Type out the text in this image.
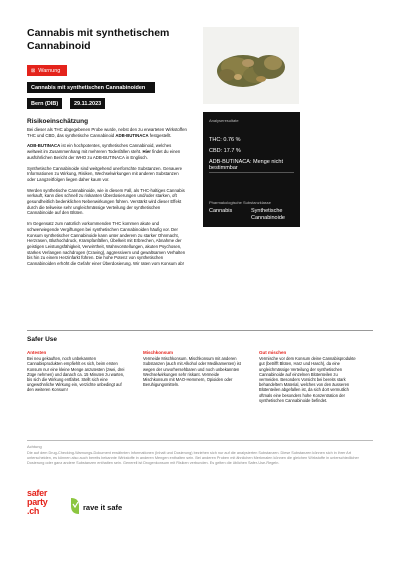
Cannabis mit synthetischem Cannabinoid
⊠ Warnung
Cannabis mit synthetischen Cannabinoiden
Bern (DIB)	29.11.2023
Analyseresultate
THC: 0.76 %
CBD: 17.7 %
ADB-BUTINACA: Menge nicht bestimmbar
Pharmakologische Substanzklasse
Cannabis	Synthetische Cannabinoide
Risikoeinschätzung

Bei dieser als THC abgegebenen Probe wurde, nebst den zu erwarteten Wirkstoffen THC und CBD, das synthetische Cannabinoid ADB-BUTINACA festgestellt.

ADB-BUTINACA ist ein hochpotentes, synthetisches Cannabinoid, welches weltweit im Zusammenhang mit mehreren Todesfällen steht. Hier findet du einen ausführlichen Bericht der WHO zu ADB-BUTINACA in Englisch.

Synthetische Cannabinoide sind weitgehend unerforschte Substanzen. Genauere Informationen zu Wirkung, Risiken, Wechselwirkungen mit anderen Substanzen oder Langzeitfolgen liegen daher kaum vor.

Werden synthetische Cannabinoide, wie in diesem Fall, als THC-haltiges Cannabis verkauft, kann dies schnell zu riskanten Überdosierungen und/oder starken, oft gesundheitlich bedenklichen Nebenwirkungen führen. Verstärkt wird dieser Effekt durch die teilweise sehr ungleichmässige Verteilung der synthetischen Cannabinoide auf den Blüten.

Im Gegensatz zum natürlich vorkommenden THC kommen akute und schwerwiegende Vergiftungen bei synthetischen Cannabinoiden häufig vor. Der Konsum synthetischer Cannabinoide kann unter anderem zu starker Ohnmacht, Herzrasen, Bluthochdruck, Krampfanfällen, Übelkeit mit Erbrechen, Abnahme der geistigen Leistungsfähigkeit, Verwirrtheit, Wahnvorstellungen, akuten Psychosen, starkes Verlangen nachdrogen (Craving), aggressivem und gewaltsamen Verhalten bis hin zu einem Herzinfarkt führen. Die hohe Potenz von synthetischen Cannabinoiden erhöht die Gefahr einer Überdosierung. Wir raten vom Konsum ab!

Safer Use
Antesten
Bei neu gekauften, noch unbekannten Cannabisprodukten empfiehlt es sich, beim ersten Konsum nur eine kleine Menge anzutesten (zwei, drei Züge nehmen) und danach ca. 15 Minuten zu warten, bis sich die Wirkung entfaltet. Stellt sich eine ungewöhnliche Wirkung ein, verzichte unbedingt auf den weiteren Konsum!
Mischkonsum
Vermeide Mischkonsum. Mischkonsum mit anderen Substanzen (auch mit Alkohol oder Medikamenten) ist wegen der unvorhersehbaren und noch unbekannten Wechselwirkungen sehr riskant. Vermeide Mischkonsum mit MAO-Hemmern, Opioiden oder Beruhigungsmitteln.
Gut mischen
Vermische vor dem Konsum deine Cannabisprodukte gut (betrifft Blüten, Harz und Hasch), da eine ungleichmässige Verteilung der synthetischen Cannabinoide auf einzelnen Blütenteilen zu vermeiden. Besonders Vorsicht bei bereits stark behandeltem Material, welches von den äusseren Blütenteilen abgefallen ist, da sich dort vermutlich oftmals eine besonders hohe Konzentration der synthetischen Cannabinoide befindet.
Achtung
Die auf dem Drug-Checking-Warnungs-Dokument erwähnten Informationen (Inhalt und Dosierung) beziehen sich nur auf die analysierten Substanzen. Diese Substanzen können sich in ihrer Art unterscheiden, es können also auch bereits bekannte Wirkstoffe in anderen Mengen enthalten sein. Bei anderen Proben mit ähnlichen Merkmalen können die gleichen Wirkstoffe in unterschiedlicher Dosierung oder ganz andere Substanzen enthalten sein. Generell ist Drogenkonsum mit Risiken verbunden. Es gelten die üblichen Safer-Use-Regeln.
safer
party
.ch	rave it safe
